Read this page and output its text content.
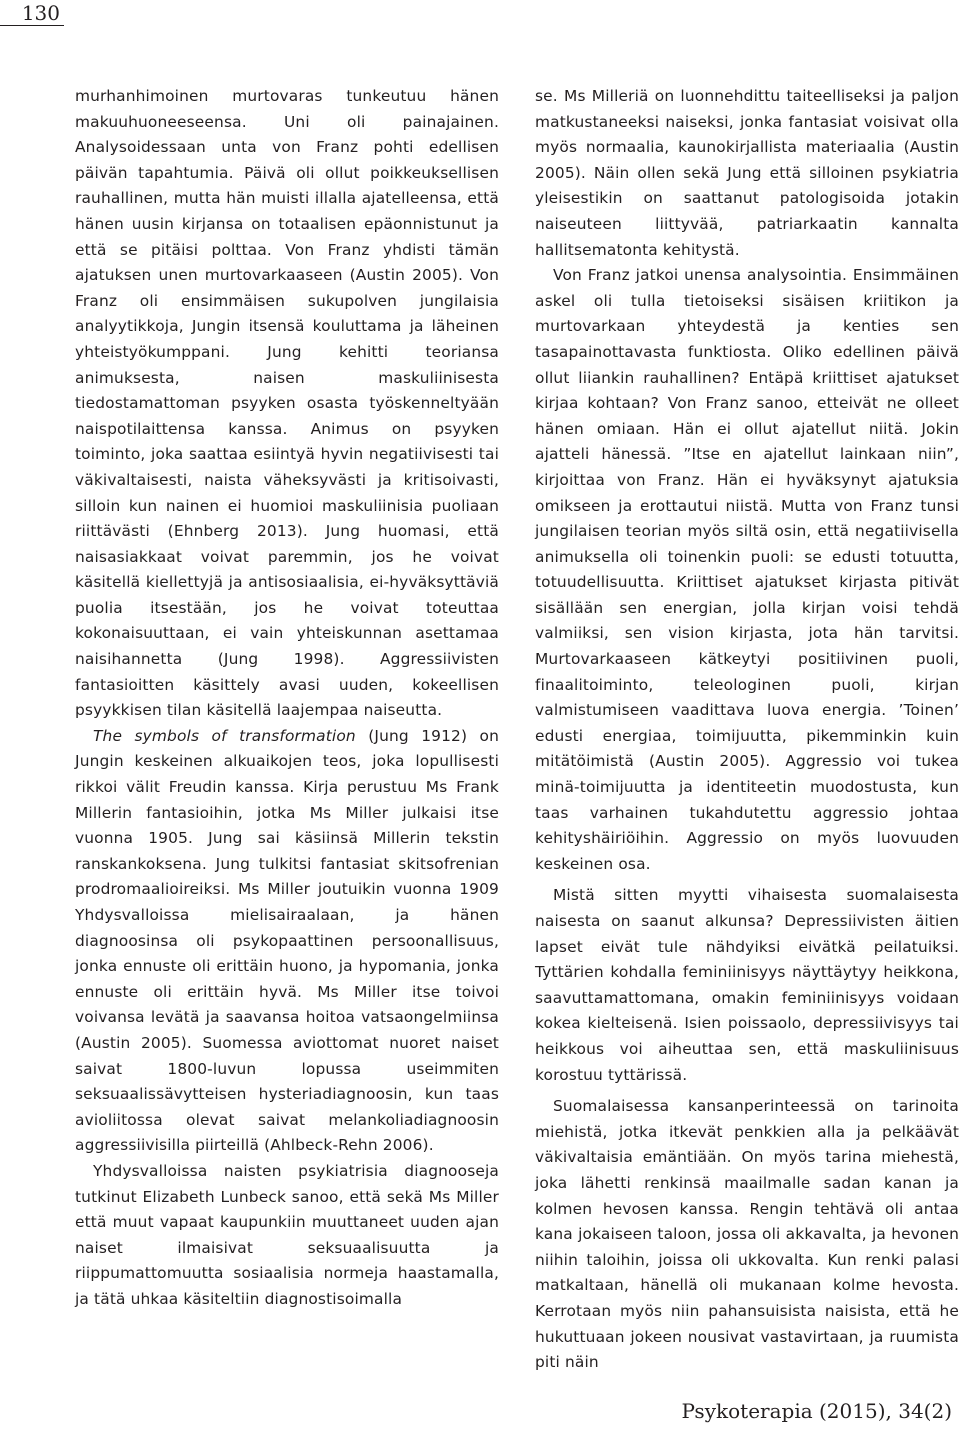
130

murhanhimoinen murtovaras tunkeutuu hänen makuuhuoneeseensa. Uni oli painajainen. Analysoidessaan unta von Franz pohti edellisen päivän tapahtumia. Päivä oli ollut poikkeuksellisen rauhallinen, mutta hän muisti illalla ajatelleensa, että hänen uusin kirjansa on totaalisen epäonnistunut ja että se pitäisi polttaa. Von Franz yhdisti tämän ajatuksen unen murtovarkaaseen (Austin 2005). Von Franz oli ensimmäisen sukupolven jungilaisia analyytikkoja, Jungin itsensä kouluttama ja läheinen yhteistyökumppani. Jung kehitti teoriansa animuksesta, naisen maskuliinisesta tiedostamattoman psyyken osasta työskenneltyään naispotilaittensa kanssa. Animus on psyyken toiminto, joka saattaa esiintyä hyvin negatiivisesti tai väkivaltaisesti, naista väheksyvästi ja kritisoivasti, silloin kun nainen ei huomioi maskuliinisia puoliaan riittävästi (Ehnberg 2013). Jung huomasi, että naisasiakkaat voivat paremmin, jos he voivat käsitellä kiellettyjä ja antisosiaalisia, ei-hyväksyttäviä puolia itsestään, jos he voivat toteuttaa kokonaisuuttaan, ei vain yhteiskunnan asettamaa naisihannetta (Jung 1998). Aggressiivisten fantasioitten käsittely avasi uuden, kokeellisen psyykkisen tilan käsitellä laajempaa naiseutta.

The symbols of transformation (Jung 1912) on Jungin keskeinen alkuaikojen teos, joka lopullisesti rikkoi välit Freudin kanssa. Kirja perustuu Ms Frank Millerin fantasioihin, jotka Ms Miller julkaisi itse vuonna 1905. Jung sai käsiinsä Millerin tekstin ranskankoksena. Jung tulkitsi fantasiat skitsofrenian prodromaalioireiksi. Ms Miller joutuikin vuonna 1909 Yhdysvalloissa mielisairaalaan, ja hänen diagnoosinsa oli psykopaattinen persoonallisuus, jonka ennuste oli erittäin huono, ja hypomania, jonka ennuste oli erittäin hyvä. Ms Miller itse toivoi voivansa levätä ja saavansa hoitoa vatsaongelmiinsa (Austin 2005). Suomessa aviottomat nuoret naiset saivat 1800-luvun lopussa useimmiten seksuaalissävytteisen hysteriadiagnoosin, kun taas avioliitossa olevat saivat melankoliadiagnoosin aggressiivisilla piirteillä (Ahlbeck-Rehn 2006).

Yhdysvalloissa naisten psykiatrisia diagnooseja tutkinut Elizabeth Lunbeck sanoo, että sekä Ms Miller että muut vapaat kaupunkiin muuttaneet uuden ajan naiset ilmaisivat seksuaalisuutta ja riippumattomuutta sosiaalisia normeja haastamalla, ja tätä uhkaa käsiteltiin diagnostisoimalla

se. Ms Milleriä on luonnehdittu taiteelliseksi ja paljon matkustaneeksi naiseksi, jonka fantasiat voisivat olla myös normaalia, kaunokirjallista materiaalia (Austin 2005). Näin ollen sekä Jung että silloinen psykiatria yleisestikin on saattanut patologisoida jotakin naiseuteen liittyvää, patriarkaatin kannalta hallitsematonta kehitystä.

Von Franz jatkoi unensa analysointia. Ensimmäinen askel oli tulla tietoiseksi sisäisen kriitikon ja murtovarkaan yhteydestä ja kenties sen tasapainottavasta funktiosta. Oliko edellinen päivä ollut liiankin rauhallinen? Entäpä kriittiset ajatukset kirjaa kohtaan? Von Franz sanoo, etteivät ne olleet hänen omiaan. Hän ei ollut ajatellut niitä. Jokin ajatteli hänessä. ”Itse en ajatellut lainkaan niin”, kirjoittaa von Franz. Hän ei hyväksynyt ajatuksia omikseen ja erottautui niistä. Mutta von Franz tunsi jungilaisen teorian myös siltä osin, että negatiivisella animuksella oli toinenkin puoli: se edusti totuutta, totuudellisuutta. Kriittiset ajatukset kirjasta pitivät sisällään sen energian, jolla kirjan voisi tehdä valmiiksi, sen vision kirjasta, jota hän tarvitsi. Murtovarkaaseen kätkeytyi positiivinen puoli, finaalitoiminto, teleologinen puoli, kirjan valmistumiseen vaadittava luova energia. ’Toinen’ edusti energiaa, toimijuutta, pikemminkin kuin mitätöimistä (Austin 2005). Aggressio voi tukea minä-toimijuutta ja identiteetin muodostusta, kun taas varhainen tukahdutettu aggressio johtaa kehityshäiriöihin. Aggressio on myös luovuuden keskeinen osa.

Mistä sitten myytti vihaisesta suomalaisesta naisesta on saanut alkunsa? Depressiivisten äitien lapset eivät tule nähdyiksi eivätkä peilatuiksi. Tyttärien kohdalla feminiinisyys näyttäytyy heikkona, saavuttamattomana, omakin feminiinisyys voidaan kokea kielteisenä. Isien poissaolo, depressiivisyys tai heikkous voi aiheuttaa sen, että maskuliinisuus korostuu tyttärissä.

Suomalaisessa kansanperinteessä on tarinoita miehistä, jotka itkevät penkkien alla ja pelkäävät väkivaltaisia emäntiään. On myös tarina miehestä, joka lähetti renkinsä maailmalle sadan kanan ja kolmen hevosen kanssa. Rengin tehtävä oli antaa kana jokaiseen taloon, jossa oli akkavalta, ja hevonen niihin taloihin, joissa oli ukkovalta. Kun renki palasi matkaltaan, hänellä oli mukanaan kolme hevosta. Kerrotaan myös niin pahansuisista naisista, että he hukuttuaan jokeen nousivat vastavirtaan, ja ruumista piti näin

Psykoterapia (2015), 34(2)
